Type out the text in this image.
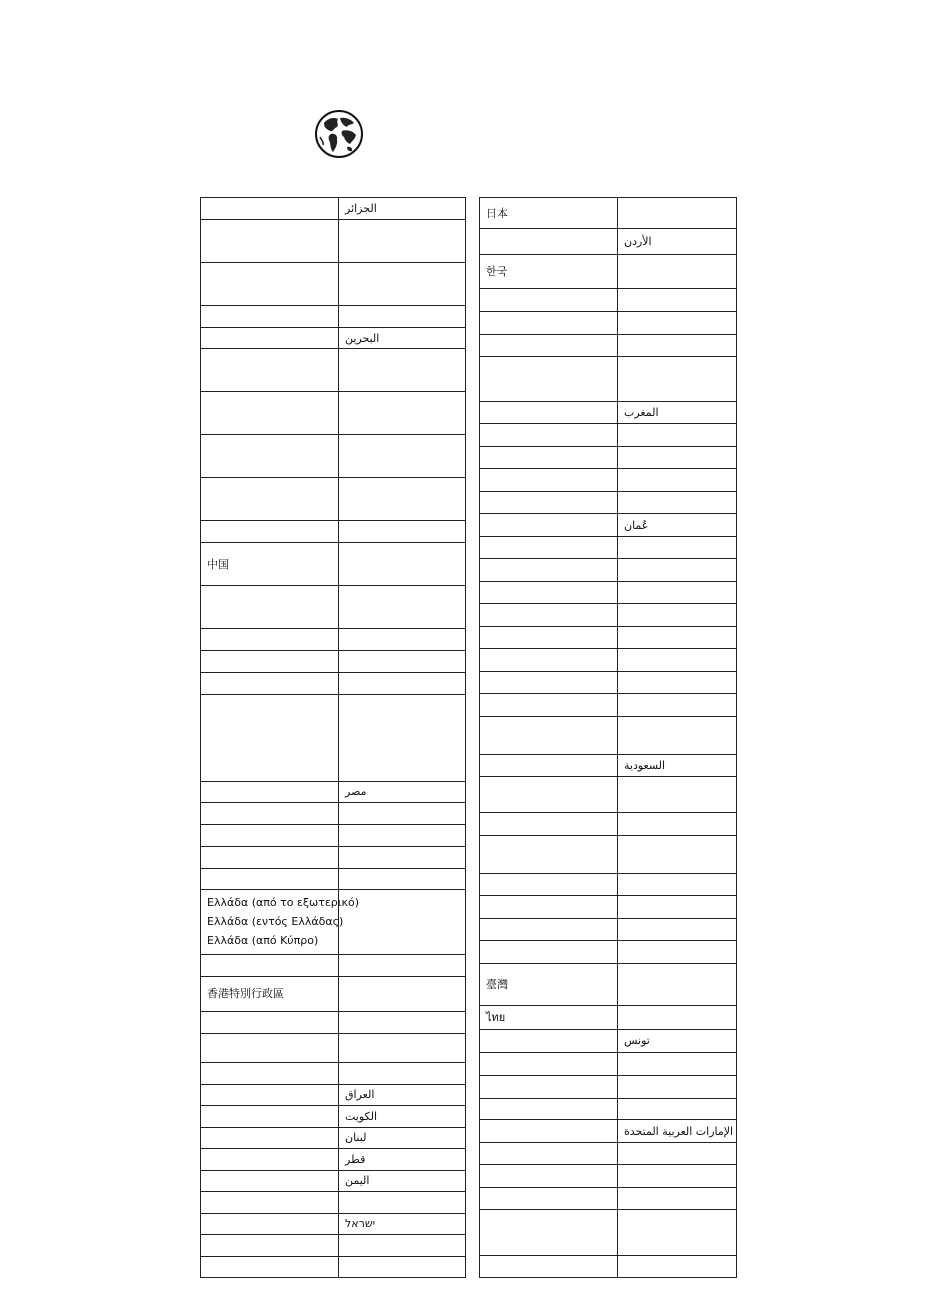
الجزائر
البحرين
中国
مصر
Ελλάδα (από το εξωτερικό)
Ελλάδα (εντός Ελλάδας)
Ελλάδα (από Κύπρο)
香港特別行政區
العراق
الكويت
لبنان
قطر
اليمن
ישראל
日本
الأردن
한국
المغرب
عُمان
السعودية
臺灣
ไทย
تونس
الإمارات العربية المتحدة
